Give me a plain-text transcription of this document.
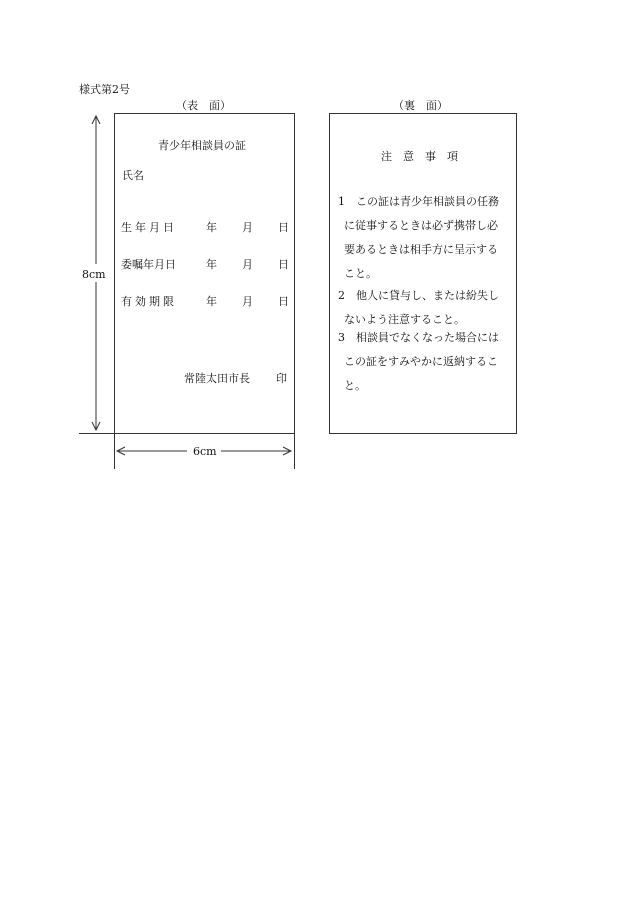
様式第2号
（表　面）	（裏　面）
青少年相談員の証
氏名
生年月日	年 月 日
委嘱年月日	年 月 日
有効期限	年 月 日
常陸太田市長 印
注　意　事　項
1 この証は青少年相談員の任務
に従事するときは必ず携帯し必
要あるときは相手方に呈示する
こと。
2 他人に貸与し、または紛失し
ないよう注意すること。
3 相談員でなくなった場合には
この証をすみやかに返納するこ
と。
8cm
6cm
